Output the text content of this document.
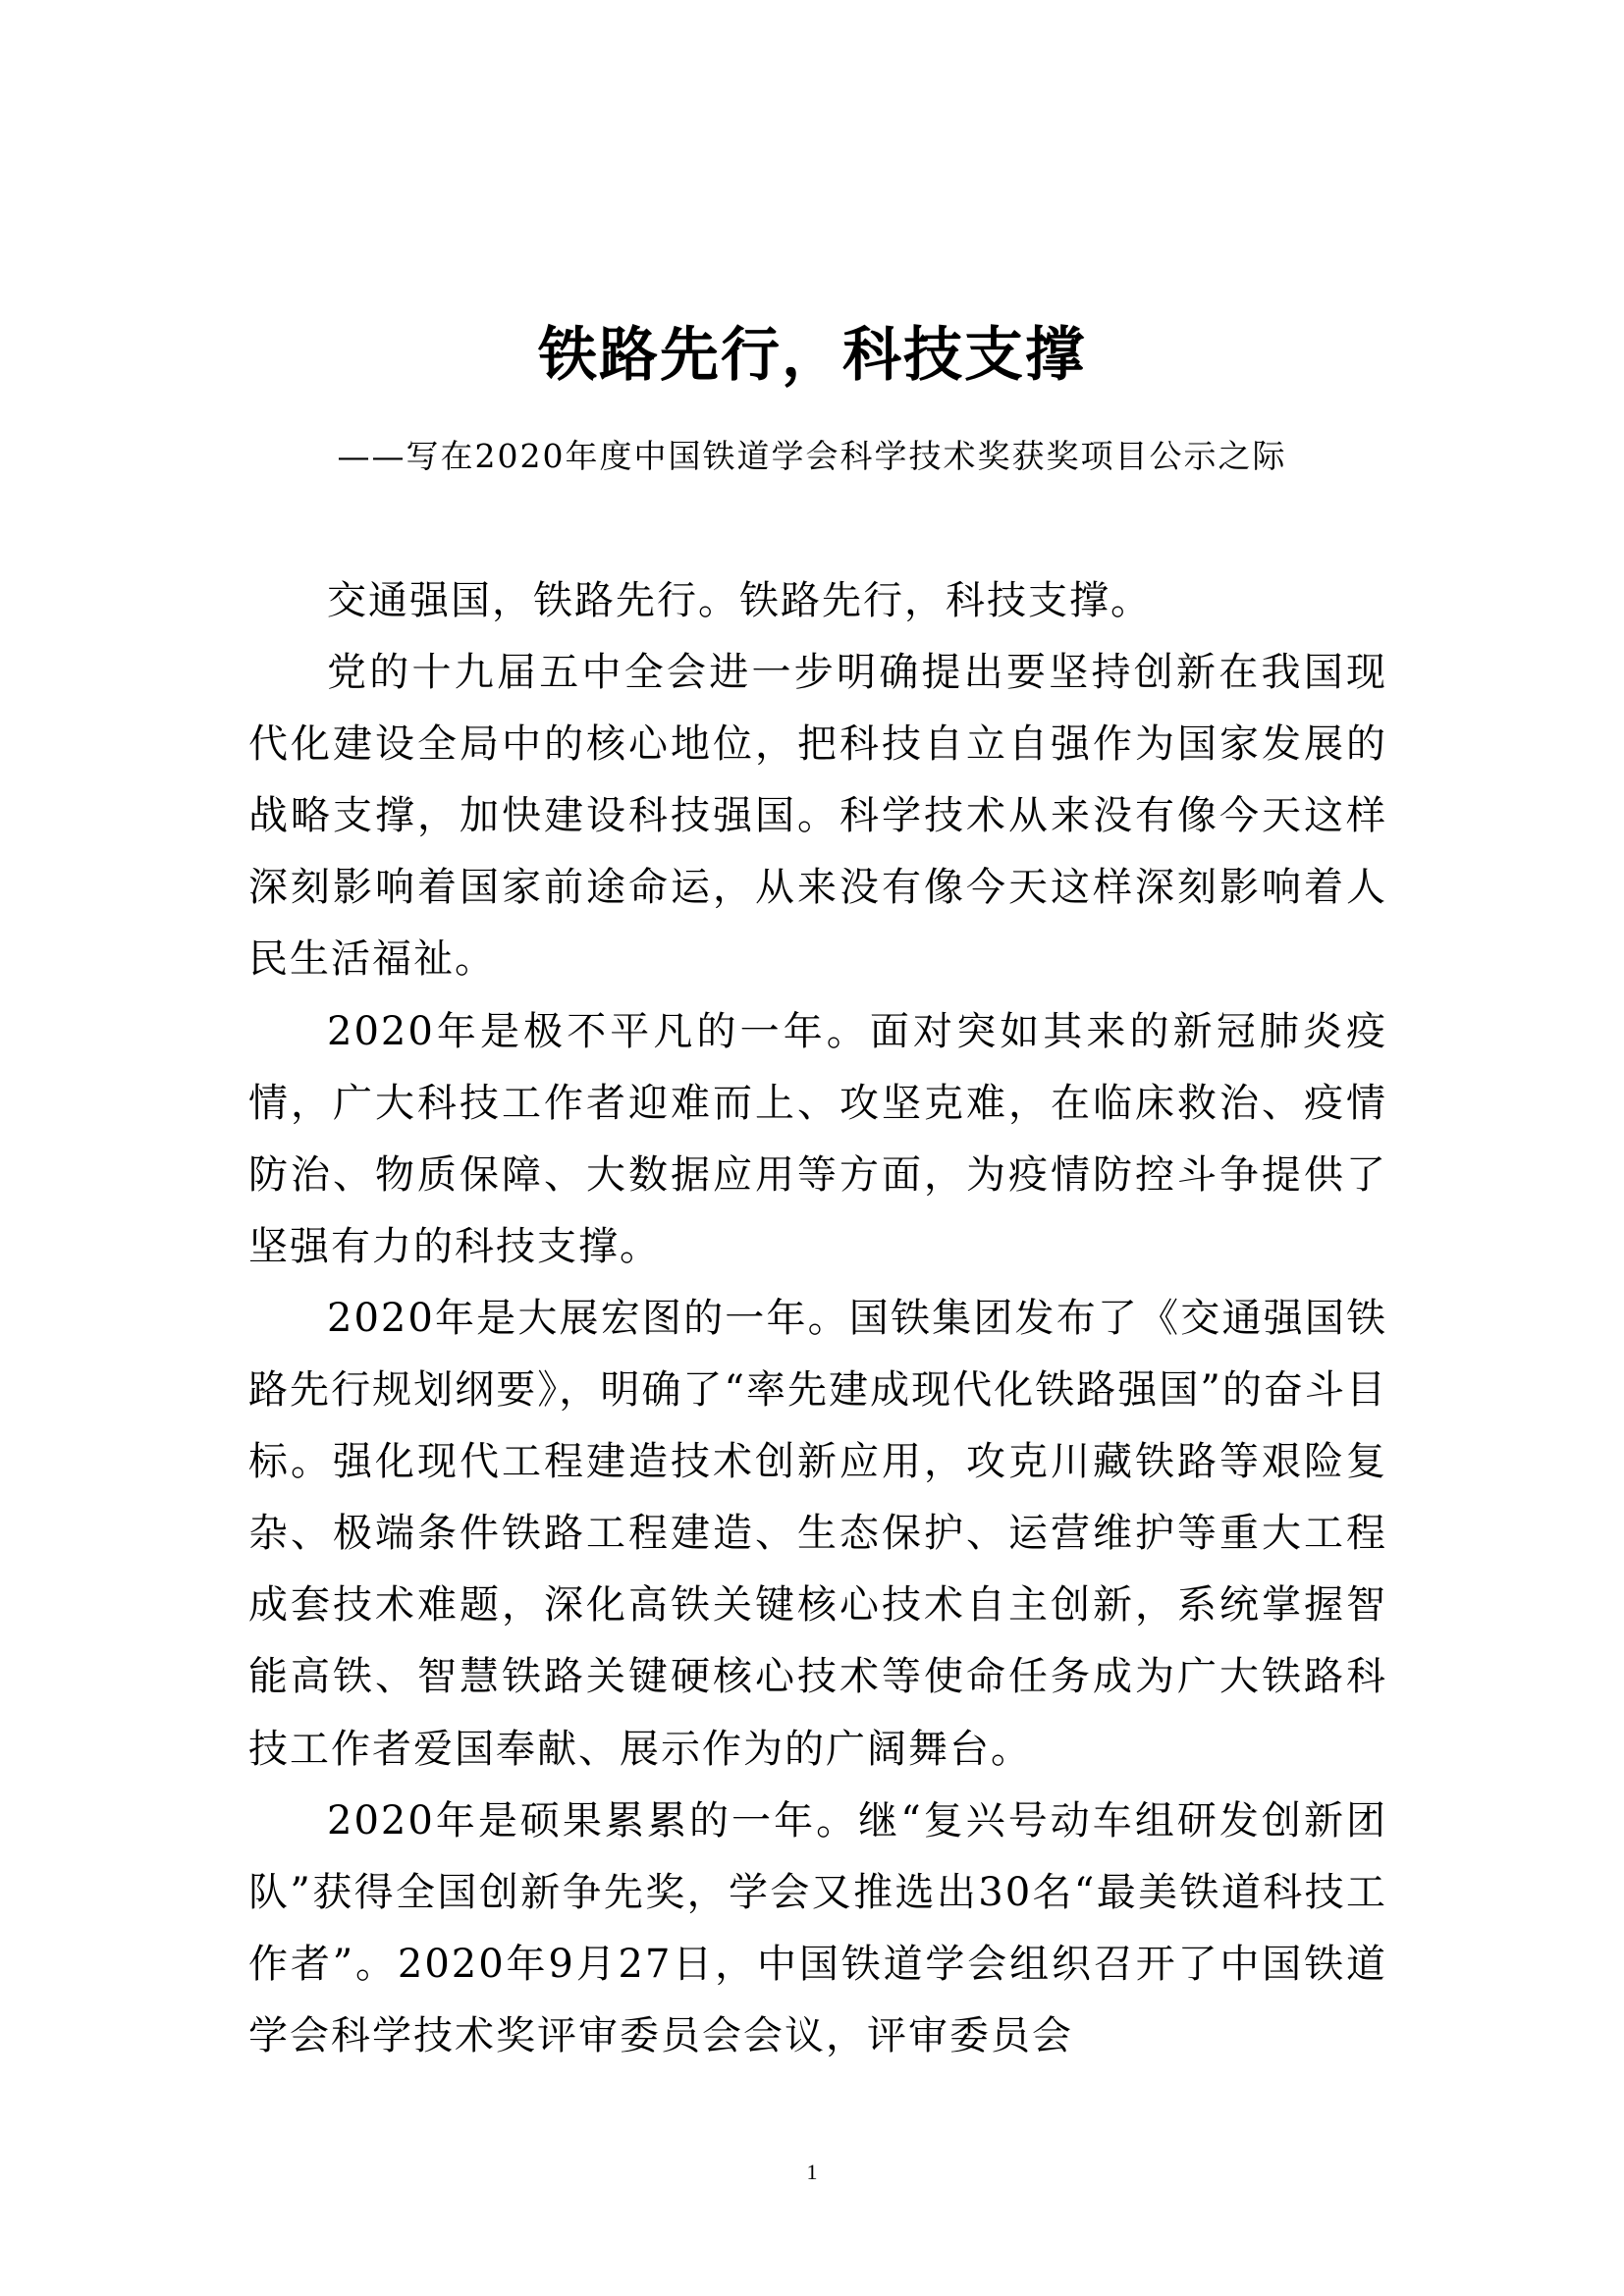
铁路先行，科技支撑
——写在2020年度中国铁道学会科学技术奖获奖项目公示之际

交通强国，铁路先行。铁路先行，科技支撑。

党的十九届五中全会进一步明确提出要坚持创新在我国现代化建设全局中的核心地位，把科技自立自强作为国家发展的战略支撑，加快建设科技强国。科学技术从来没有像今天这样深刻影响着国家前途命运，从来没有像今天这样深刻影响着人民生活福祉。

2020年是极不平凡的一年。面对突如其来的新冠肺炎疫情，广大科技工作者迎难而上、攻坚克难，在临床救治、疫情防治、物质保障、大数据应用等方面，为疫情防控斗争提供了坚强有力的科技支撑。

2020年是大展宏图的一年。国铁集团发布了《交通强国铁路先行规划纲要》，明确了“率先建成现代化铁路强国”的奋斗目标。强化现代工程建造技术创新应用，攻克川藏铁路等艰险复杂、极端条件铁路工程建造、生态保护、运营维护等重大工程成套技术难题，深化高铁关键核心技术自主创新，系统掌握智能高铁、智慧铁路关键硬核心技术等使命任务成为广大铁路科技工作者爱国奉献、展示作为的广阔舞台。

2020年是硕果累累的一年。继“复兴号动车组研发创新团队”获得全国创新争先奖，学会又推选出30名“最美铁道科技工作者”。2020年9月27日，中国铁道学会组织召开了中国铁道学会科学技术奖评审委员会会议，评审委员会

1
